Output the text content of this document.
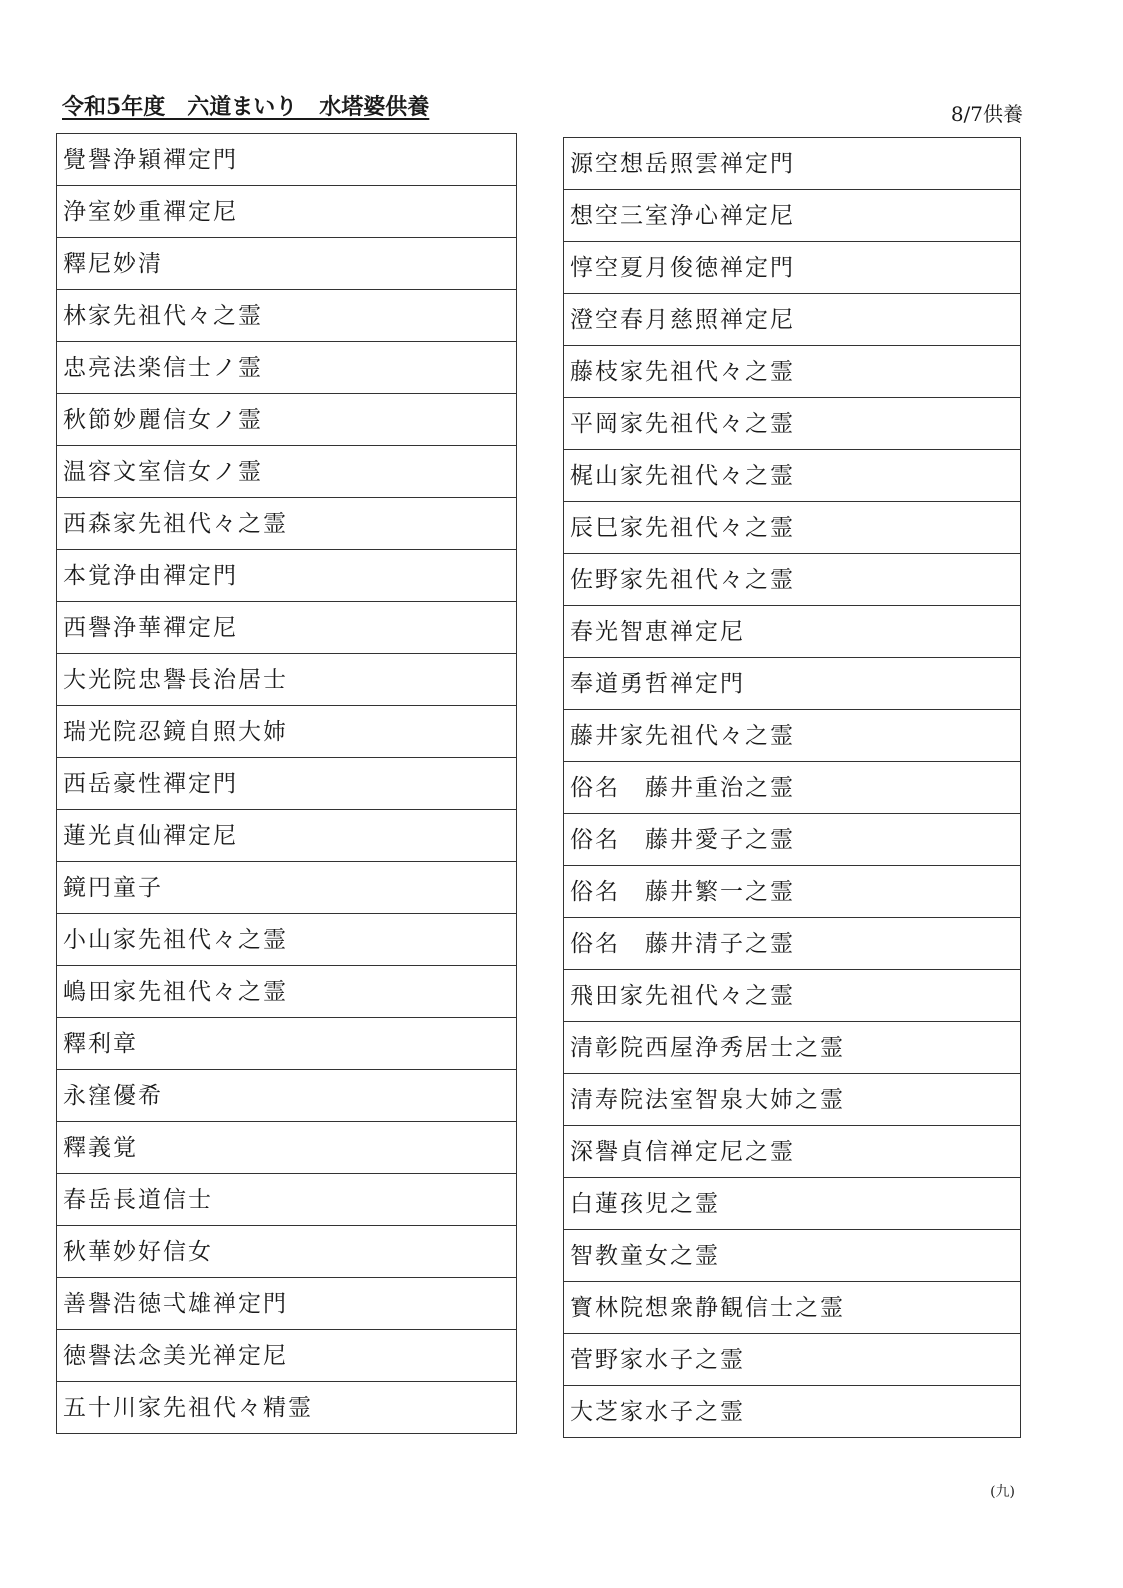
令和5年度　六道まいり　水塔婆供養	8/7供養
覺譽浄穎禪定門
浄室妙重禪定尼
釋尼妙清
林家先祖代々之霊
忠亮法楽信士ノ霊
秋節妙麗信女ノ霊
温容文室信女ノ霊
西森家先祖代々之霊
本覚浄由禪定門
西譽浄華禪定尼
大光院忠譽長治居士
瑞光院忍鏡自照大姉
西岳豪性禪定門
蓮光貞仙禪定尼
鏡円童子
小山家先祖代々之霊
嶋田家先祖代々之霊
釋利章
永窪優希
釋義覚
春岳長道信士
秋華妙好信女
善譽浩徳弌雄禅定門
徳譽法念美光禅定尼
五十川家先祖代々精霊
源空想岳照雲禅定門
想空三室浄心禅定尼
惇空夏月俊徳禅定門
澄空春月慈照禅定尼
藤枝家先祖代々之霊
平岡家先祖代々之霊
梶山家先祖代々之霊
辰巳家先祖代々之霊
佐野家先祖代々之霊
春光智恵禅定尼
奉道勇哲禅定門
藤井家先祖代々之霊
俗名　藤井重治之霊
俗名　藤井愛子之霊
俗名　藤井繁一之霊
俗名　藤井清子之霊
飛田家先祖代々之霊
清彰院西屋浄秀居士之霊
清寿院法室智泉大姉之霊
深譽貞信禅定尼之霊
白蓮孩児之霊
智教童女之霊
寳林院想衆静観信士之霊
菅野家水子之霊
大芝家水子之霊
(九)
